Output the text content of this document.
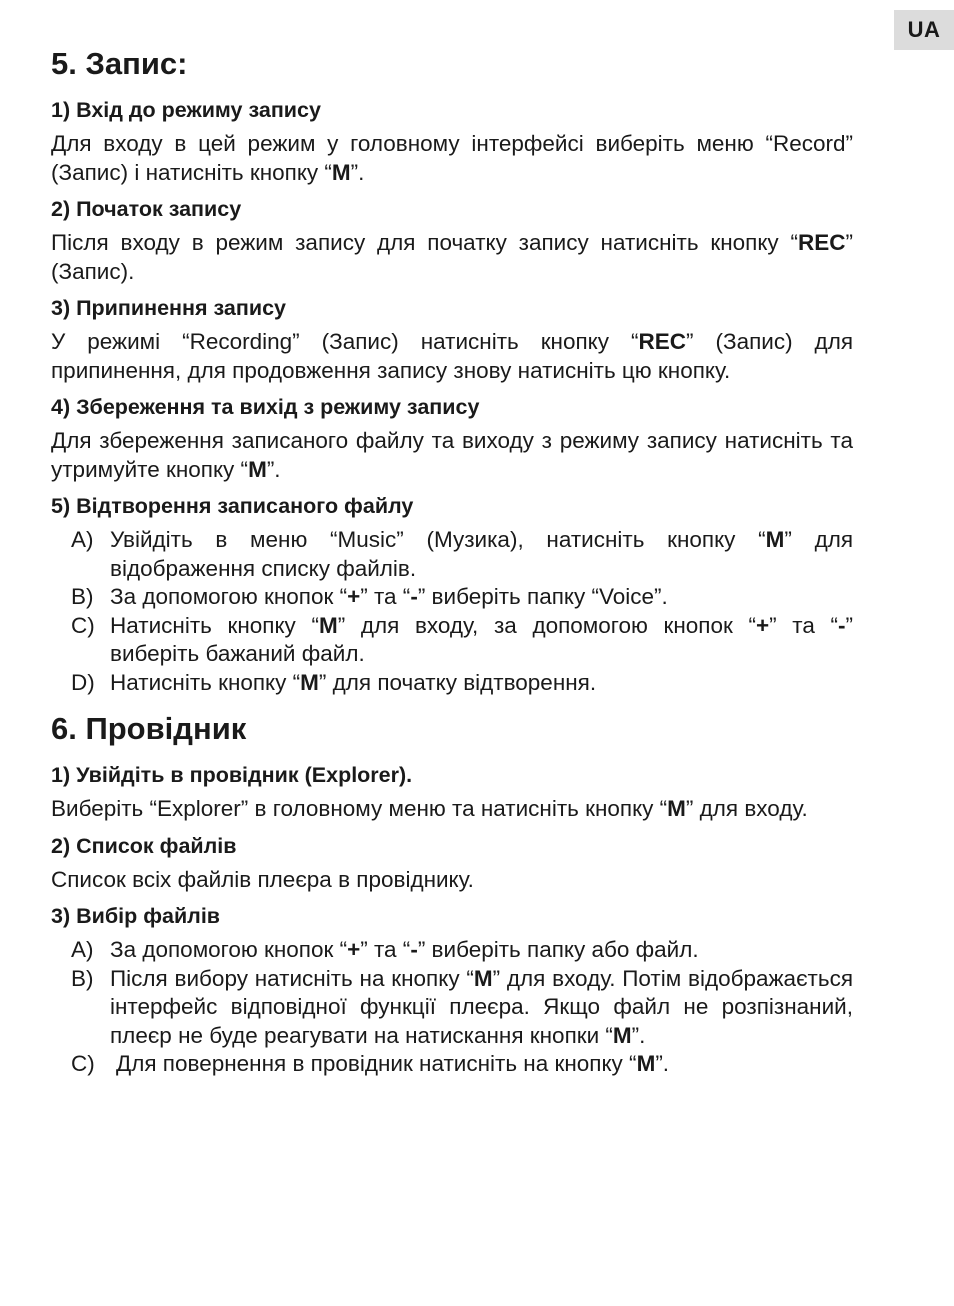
UA
5. Запис:
1) Вхід до режиму запису
Для входу в цей режим у головному інтерфейсі виберіть меню “Record” (Запис) і натисніть кнопку “M”.
2) Початок запису
Після входу в режим запису для початку запису натисніть кнопку “REC” (Запис).
3) Припинення запису
У режимі “Recording” (Запис) натисніть кнопку “REC” (Запис) для припинення, для продовження запису знову натисніть цю кнопку.
4) Збереження та вихід з режиму запису
Для збереження записаного файлу та виходу з режиму запису натисніть та утримуйте кнопку “M”.
5) Відтворення записаного файлу
A) Увійдіть в меню “Music” (Музика), натисніть кнопку “M” для відображення списку файлів.
B) За допомогою кнопок “+” та “-” виберіть папку “Voice”.
C) Натисніть кнопку “M” для входу, за допомогою кнопок “+” та “-” виберіть бажаний файл.
D) Натисніть кнопку “M” для початку відтворення.
6. Провідник
1) Увійдіть в провідник (Explorer).
Виберіть “Explorer” в головному меню та натисніть кнопку “M” для входу.
2) Список файлів
Список всіх файлів плеєра в провіднику.
3) Вибір файлів
A) За допомогою кнопок “+” та “-” виберіть папку або файл.
B) Після вибору натисніть на кнопку “M” для входу. Потім відображається інтерфейс відповідної функції плеєра. Якщо файл не розпізнаний, плеєр не буде реагувати на натискання кнопки “M”.
C) Для повернення в провідник натисніть на кнопку “M”.
